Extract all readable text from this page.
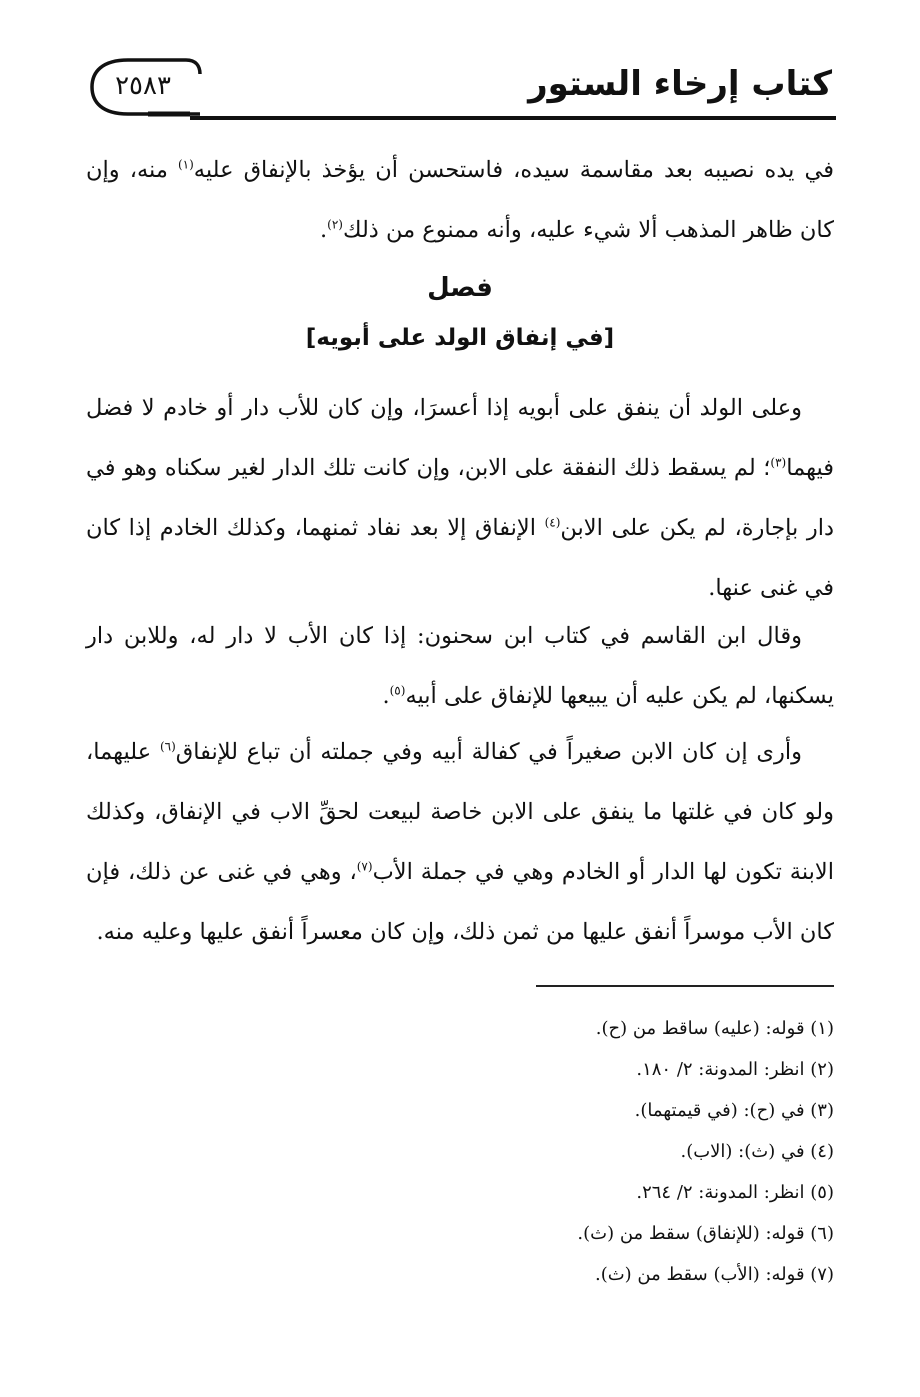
كتاب إرخاء الستور
٢٥٨٣
في يده نصيبه بعد مقاسمة سيده، فاستحسن أن يؤخذ بالإنفاق عليه$^{(١)}$ منه، وإن كان ظاهر المذهب ألا شيء عليه، وأنه ممنوع من ذلك$^{(٢)}$.
فصل
[في إنفاق الولد على أبويه]
وعلى الولد أن ينفق على أبويه إذا أعسرَا، وإن كان للأب دار أو خادم لا فضل فيهما$^{(٣)}$؛ لم يسقط ذلك النفقة على الابن، وإن كانت تلك الدار لغير سكناه وهو في دار بإجارة، لم يكن على الابن$^{(٤)}$ الإنفاق إلا بعد نفاد ثمنهما، وكذلك الخادم إذا كان في غنى عنها.
وقال ابن القاسم في كتاب ابن سحنون: إذا كان الأب لا دار له، وللابن دار يسكنها، لم يكن عليه أن يبيعها للإنفاق على أبيه$^{(٥)}$.
وأرى إن كان الابن صغيراً في كفالة أبيه وفي جملته أن تباع للإنفاق$^{(٦)}$ عليهما، ولو كان في غلتها ما ينفق على الابن خاصة لبيعت لحقِّ الاب في الإنفاق، وكذلك الابنة تكون لها الدار أو الخادم وهي في جملة الأب$^{(٧)}$، وهي في غنى عن ذلك، فإن كان الأب موسراً أنفق عليها من ثمن ذلك، وإن كان معسراً أنفق عليها وعليه منه.
(١) قوله: (عليه) ساقط من (ح).
(٢) انظر: المدونة: ٢/ ١٨٠.
(٣) في (ح): (في قيمتهما).
(٤) في (ث): (الاب).
(٥) انظر: المدونة: ٢/ ٢٦٤.
(٦) قوله: (للإنفاق) سقط من (ث).
(٧) قوله: (الأب) سقط من (ث).
